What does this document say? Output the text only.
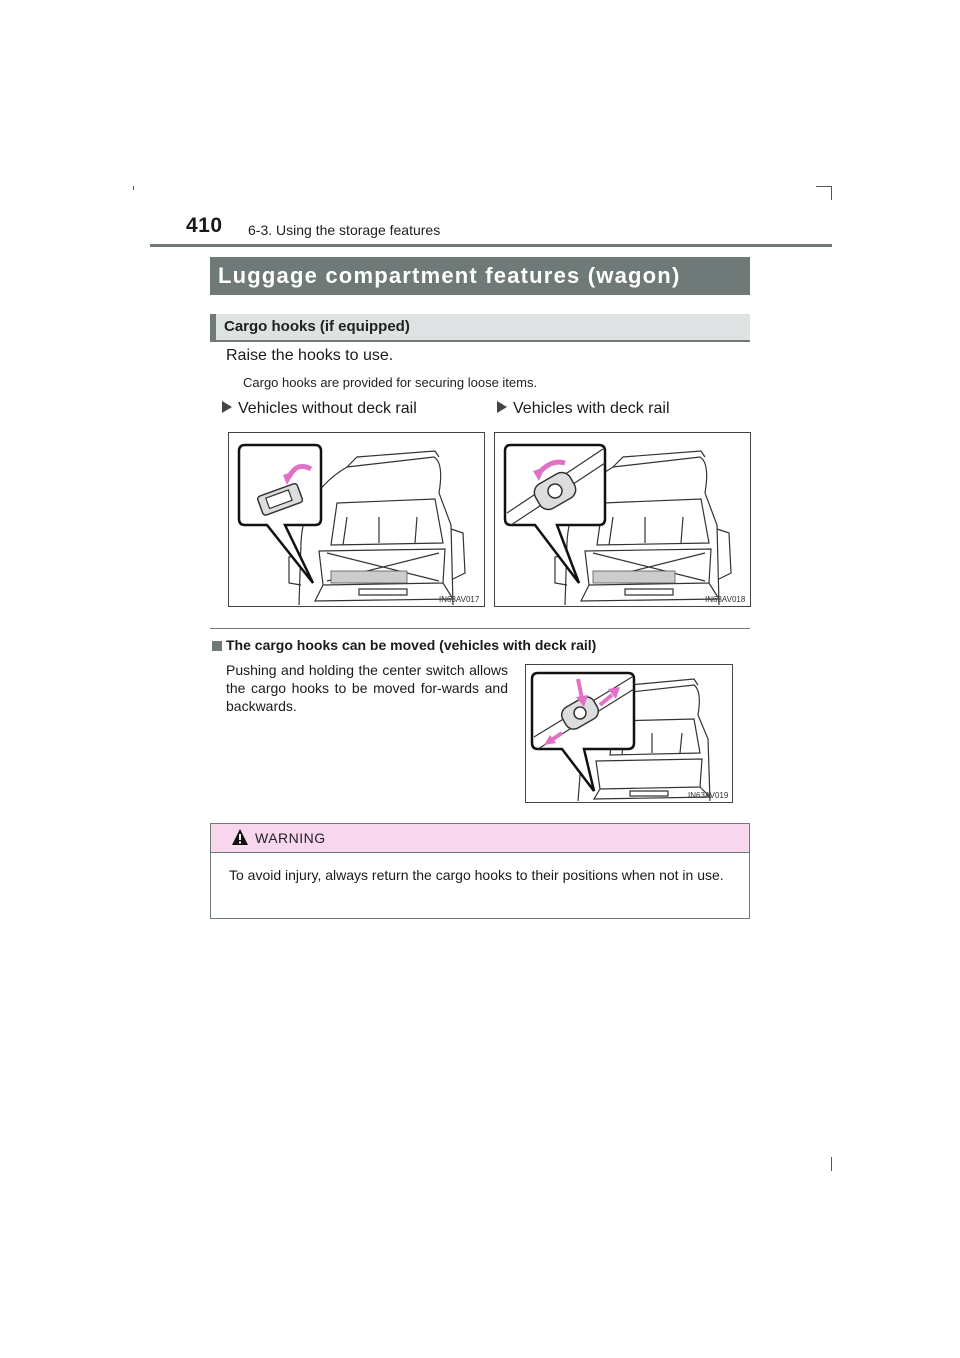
410 6-3. Using the storage features
Luggage compartment features (wagon)
Cargo hooks (if equipped)
Raise the hooks to use.
Cargo hooks are provided for securing loose items.
Vehicles without deck rail	Vehicles with deck rail
IN63AV017	IN63AV018
The cargo hooks can be moved (vehicles with deck rail)
Pushing and holding the center switch allows the cargo hooks to be moved for-wards and backwards.
IN63AV019
WARNING
To avoid injury, always return the cargo hooks to their positions when not in use.
